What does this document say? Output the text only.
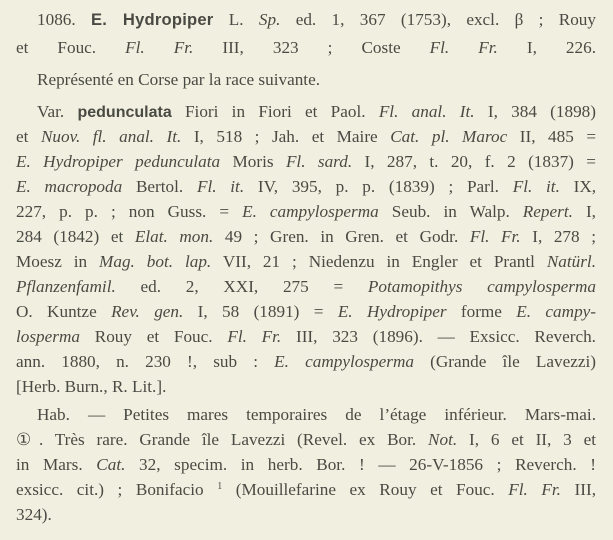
1086. E. Hydropiper L. Sp. ed. 1, 367 (1753), excl. β ; Rouy
et Fouc. Fl. Fr. III, 323 ; Coste Fl. Fr. I, 226.
Représenté en Corse par la race suivante.
Var. pedunculata Fiori in Fiori et Paol. Fl. anal. It. I, 384 (1898)
et Nuov. fl. anal. It. I, 518 ; Jah. et Maire Cat. pl. Maroc II, 485 =
E. Hydropiper pedunculata Moris Fl. sard. I, 287, t. 20, f. 2 (1837) =
E. macropoda Bertol. Fl. it. IV, 395, p. p. (1839) ; Parl. Fl. it. IX,
227, p. p. ; non Guss. = E. campylosperma Seub. in Walp. Repert. I,
284 (1842) et Elat. mon. 49 ; Gren. in Gren. et Godr. Fl. Fr. I, 278 ;
Moesz in Mag. bot. lap. VII, 21 ; Niedenzu in Engler et Prantl Natürl.
Pflanzenfamil. ed. 2, XXI, 275 = Potamopithys campylosperma
O. Kuntze Rev. gen. I, 58 (1891) = E. Hydropiper forme E. campy-
losperma Rouy et Fouc. Fl. Fr. III, 323 (1896). — Exsicc. Reverch.
ann. 1880, n. 230 !, sub : E. campylosperma (Grande île Lavezzi)
[Herb. Burn., R. Lit.].
Hab. — Petites mares temporaires de l’étage inférieur. Mars-mai.
①. Très rare. Grande île Lavezzi (Revel. ex Bor. Not. I, 6 et II, 3 et
in Mars. Cat. 32, specim. in herb. Bor. ! — 26-V-1856 ; Reverch. !
exsicc. cit.) ; Bonifacio $^1$ (Mouillefarine ex Rouy et Fouc. Fl. Fr. III,
324).
